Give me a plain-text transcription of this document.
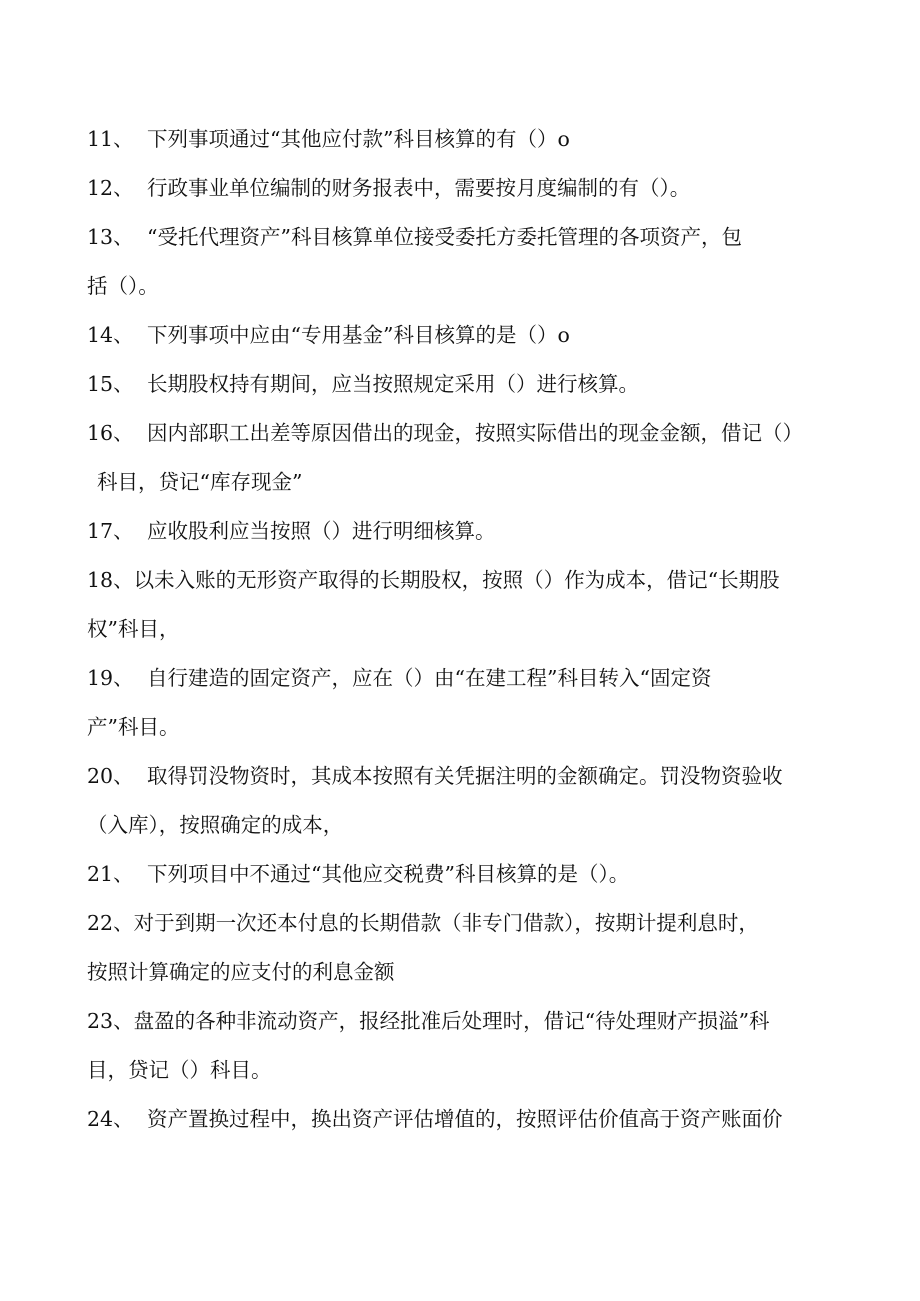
11、 下列事项通过“其他应付款”科目核算的有（）o
12、 行政事业单位编制的财务报表中，需要按月度编制的有（）。
13、 “受托代理资产”科目核算单位接受委托方委托管理的各项资产，包
括（）。
14、 下列事项中应由“专用基金”科目核算的是（）o
15、 长期股权持有期间，应当按照规定采用（）进行核算。
16、 因内部职工出差等原因借出的现金，按照实际借出的现金金额，借记（）
科目，贷记“库存现金”
17、 应收股利应当按照（）进行明细核算。
18、以未入账的无形资产取得的长期股权，按照（）作为成本，借记“长期股
权”科目，
19、 自行建造的固定资产，应在（）由“在建工程”科目转入“固定资
产”科目。
20、 取得罚没物资时，其成本按照有关凭据注明的金额确定。罚没物资验收
（入库），按照确定的成本，
21、 下列项目中不通过“其他应交税费”科目核算的是（）。
22、对于到期一次还本付息的长期借款（非专门借款），按期计提利息时，
按照计算确定的应支付的利息金额
23、盘盈的各种非流动资产，报经批准后处理时，借记“待处理财产损溢”科
目，贷记（）科目。
24、 资产置换过程中，换出资产评估增值的，按照评估价值高于资产账面价
